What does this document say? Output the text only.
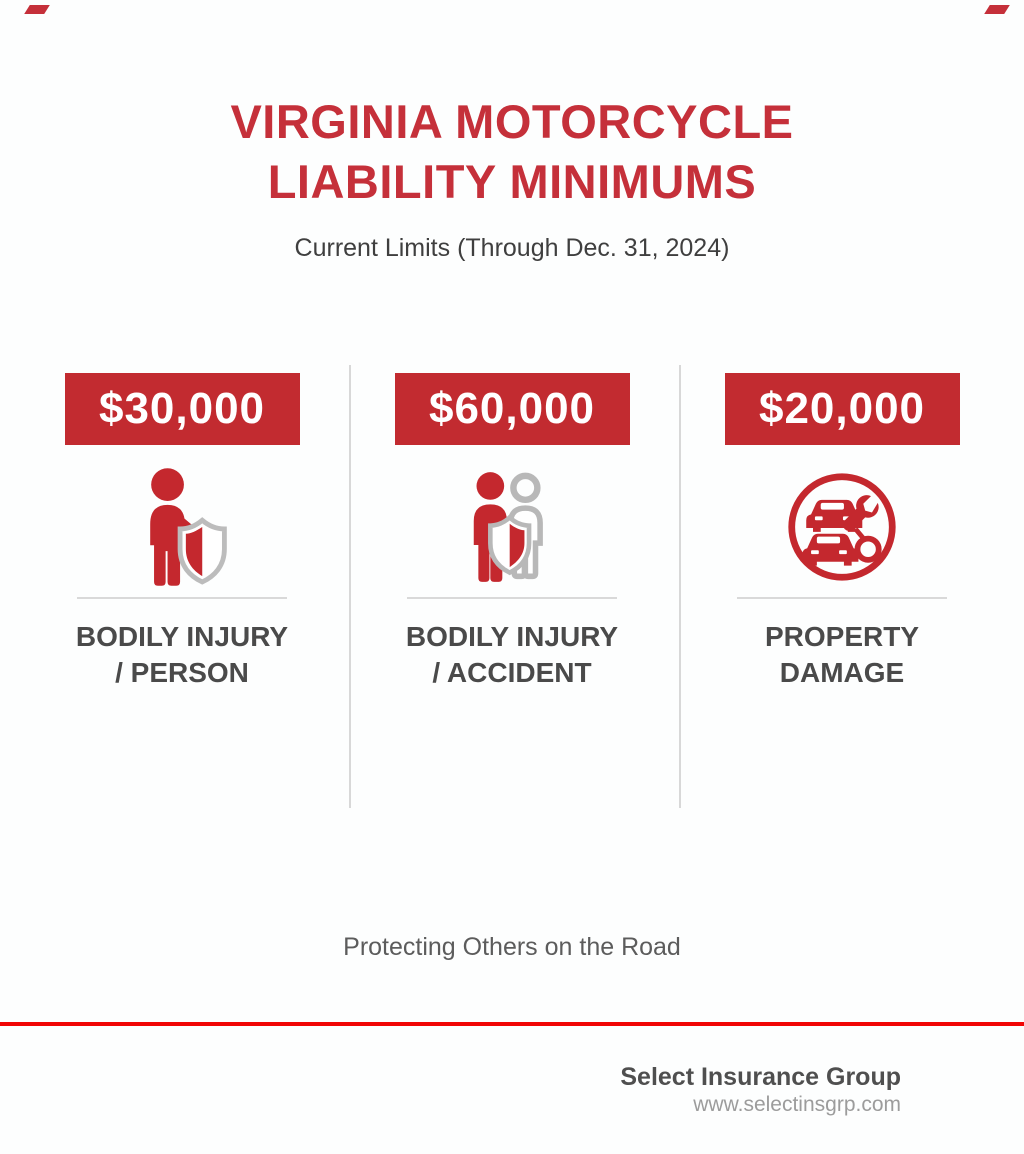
VIRGINIA MOTORCYCLE
LIABILITY MINIMUMS
Current Limits (Through Dec. 31, 2024)
$30,000
BODILY INJURY
/ PERSON
$60,000
BODILY INJURY
/ ACCIDENT
$20,000
PROPERTY
DAMAGE
Protecting Others on the Road
Select Insurance Group
www.selectinsgrp.com
